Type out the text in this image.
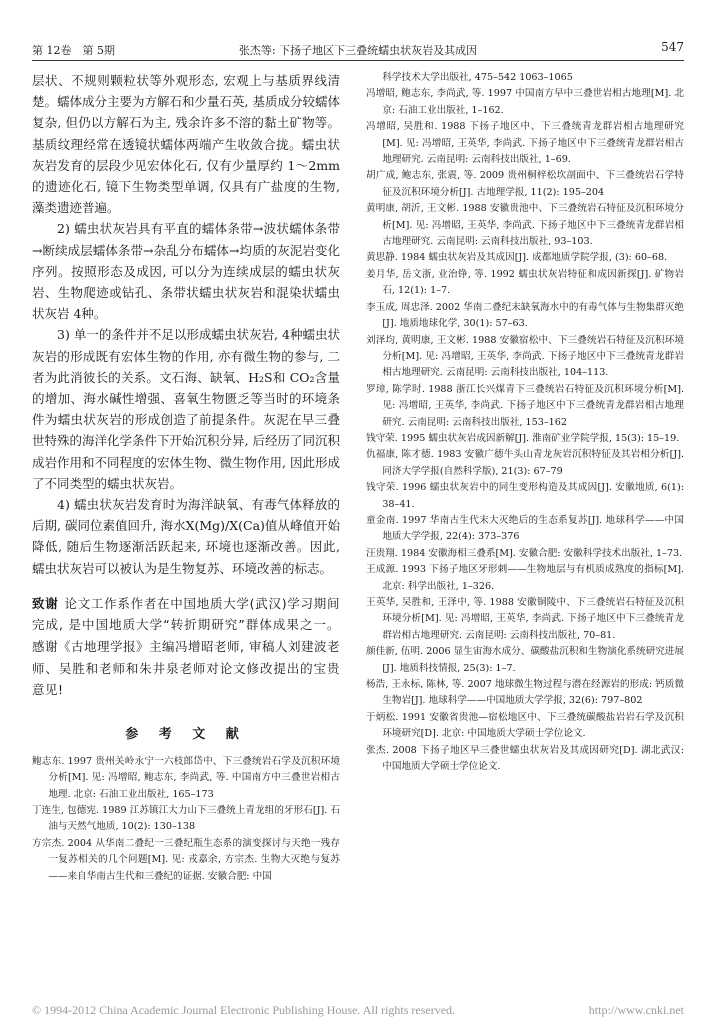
第 12卷　第 5期	张杰等: 下扬子地区下三叠统蠕虫状灰岩及其成因	547

层状、不规则颗粒状等外观形态, 宏观上与基质界线清楚。蠕体成分主要为方解石和少量石英, 基质成分较蠕体复杂, 但仍以方解石为主, 残余许多不溶的黏土矿物等。基质纹理经常在透镜状蠕体两端产生收敛合拢。蠕虫状灰岩发育的层段少见宏体化石, 仅有少量厚约 1～2mm的遗迹化石, 镜下生物类型单调, 仅具有广盐度的生物, 藻类遗迹普遍。

2) 蠕虫状灰岩具有平直的蠕体条带→波状蠕体条带→断续成层蠕体条带→杂乱分布蠕体→均质的灰泥岩变化序列。按照形态及成因, 可以分为连续成层的蠕虫状灰岩、生物爬迹或钻孔、条带状蠕虫状灰岩和混染状蠕虫状灰岩 4种。

3) 单一的条件并不足以形成蠕虫状灰岩, 4种蠕虫状灰岩的形成既有宏体生物的作用, 亦有微生物的参与, 二者为此消彼长的关系。文石海、缺氧、H₂S和 CO₂含量的增加、海水碱性增强、喜氧生物匮乏等当时的环境条件为蠕虫状灰岩的形成创造了前提条件。灰泥在早三叠世特殊的海洋化学条件下开始沉积分异, 后经历了同沉积成岩作用和不同程度的宏体生物、微生物作用, 因此形成了不同类型的蠕虫状灰岩。

4) 蠕虫状灰岩发育时为海洋缺氧、有毒气体释放的后期, 碳同位素值回升, 海水X(Mg)/X(Ca)值从峰值开始降低, 随后生物逐渐活跃起来, 环境也逐渐改善。因此, 蠕虫状灰岩可以被认为是生物复苏、环境改善的标志。

致谢 论文工作系作者在中国地质大学(武汉)学习期间完成, 是中国地质大学“转折期研究”群体成果之一。感谢《古地理学报》主编冯增昭老师, 审稿人刘建波老师、吴胜和老师和朱井泉老师对论文修改提出的宝贵意见!
参 考 文 献
鲍志东. 1997 贵州关岭永宁一六枝郎岱中、下三叠统岩石学及沉积环境分析[M]. 见: 冯增昭, 鲍志东, 李尚武, 等. 中国南方中三叠世岩相古地理. 北京: 石油工业出版社, 165–173
丁连生, 包德宪. 1989 江苏镇江大力山下三叠统上青龙组的牙形石[J]. 石油与天然气地质, 10(2): 130–138
方宗杰. 2004 从华南二叠纪一三叠纪瓶生态系的演变探讨与天绝一残存一复苏相关的几个问题[M]. 见: 戎嘉余, 方宗杰. 生物大灭绝与复苏——来自华南古生代和三叠纪的证据. 安徽合肥: 中国
科学技术大学出版社, 475–542 1063–1065
冯增昭, 鲍志东, 李尚武, 等. 1997 中国南方早中三叠世岩相古地理[M]. 北京: 石油工业出版社, 1–162.
冯增昭, 吴胜和. 1988 下扬子地区中、下三叠统青龙群岩相古地理研究[M]. 见: 冯增昭, 王英华, 李尚武. 下扬子地区中下三叠统青龙群岩相古地理研究. 云南昆明: 云南科技出版社, 1–69.
胡广成, 鲍志东, 张震, 等. 2009 贵州桐梓松坎剖面中、下三叠统岩石学特征及沉积环境分析[J]. 古地理学报, 11(2): 195–204
黄明康, 胡沂, 王文彬. 1988 安徽贵池中、下三叠统岩石特征及沉积环境分析[M]. 见: 冯增昭, 王英华, 李尚武. 下扬子地区中下三叠统青龙群岩相古地理研究. 云南昆明: 云南科技出版社, 93–103.
黄思静. 1984 蠕虫状灰岩及其成因[J]. 成都地质学院学报, (3): 60–68.
姜月华, 岳文浙, 业治铮, 等. 1992 蠕虫状灰岩特征和成因新探[J]. 矿物岩石, 12(1): 1–7.
李玉成, 周忠泽. 2002 华南二叠纪末缺氧海水中的有毒气体与生物集群灭绝[J]. 地质地球化学, 30(1): 57–63.
刘泽均, 黄明康, 王文彬. 1988 安徽宿松中、下三叠统岩石特征及沉积环境分析[M]. 见: 冯增昭, 王英华, 李尚武. 下扬子地区中下三叠统青龙群岩相古地理研究. 云南昆明: 云南科技出版社, 104–113.
罗璋, 陈学时. 1988 浙江长兴煤青下三叠统岩石特征及沉积环境分析[M]. 见: 冯增昭, 王英华, 李尚武. 下扬子地区中下三叠统青龙群岩相古地理研究. 云南昆明: 云南科技出版社, 153–162
钱守荣. 1995 蠕虫状灰岩成因新解[J]. 淮南矿业学院学报, 15(3): 15–19.
仇福康, 陈才德. 1983 安徽广德牛头山青龙灰岩沉积特征及其岩相分析[J]. 同济大学学报(自然科学版), 21(3): 67–79
钱守荣. 1996 蠕虫状灰岩中的同生变形构造及其成因[J]. 安徽地质, 6(1): 38–41.
童金南. 1997 华南古生代末大灭绝后的生态系复苏[J]. 地球科学——中国地质大学学报, 22(4): 373–376
汪贵翔. 1984 安徽海相三叠系[M]. 安徽合肥: 安徽科学技术出版社, 1–73.
王成源. 1993 下扬子地区牙形刺——生物地层与有机质成熟度的指标[M]. 北京: 科学出版社, 1–326.
王英华, 吴胜和, 王泽中, 等. 1988 安徽铜陵中、下三叠统岩石特征及沉积环境分析[M]. 见: 冯增昭, 王英华, 李尚武. 下扬子地区中下三叠统青龙群岩相古地理研究. 云南昆明: 云南科技出版社, 70–81.
颜佳新, 伍明. 2006 显生宙海水成分、碳酸盐沉积和生物演化系统研究进展[J]. 地质科技情报, 25(3): 1–7.
杨浩, 王永标, 陈林, 等. 2007 地球微生物过程与潜在经源岩的形成: 钙质微生物岩[J]. 地球科学——中国地质大学学报, 32(6): 797–802
于炳松. 1991 安徽省贵池—宿松地区中、下三叠统碳酸盐岩岩石学及沉积环境研究[D]. 北京: 中国地质大学硕士学位论文.
张杰. 2008 下扬子地区早三叠世蠕虫状灰岩及其成因研究[D]. 湖北武汉: 中国地质大学硕士学位论文.
© 1994-2012 China Academic Journal Electronic Publishing House. All rights reserved.	http://www.cnki.net
